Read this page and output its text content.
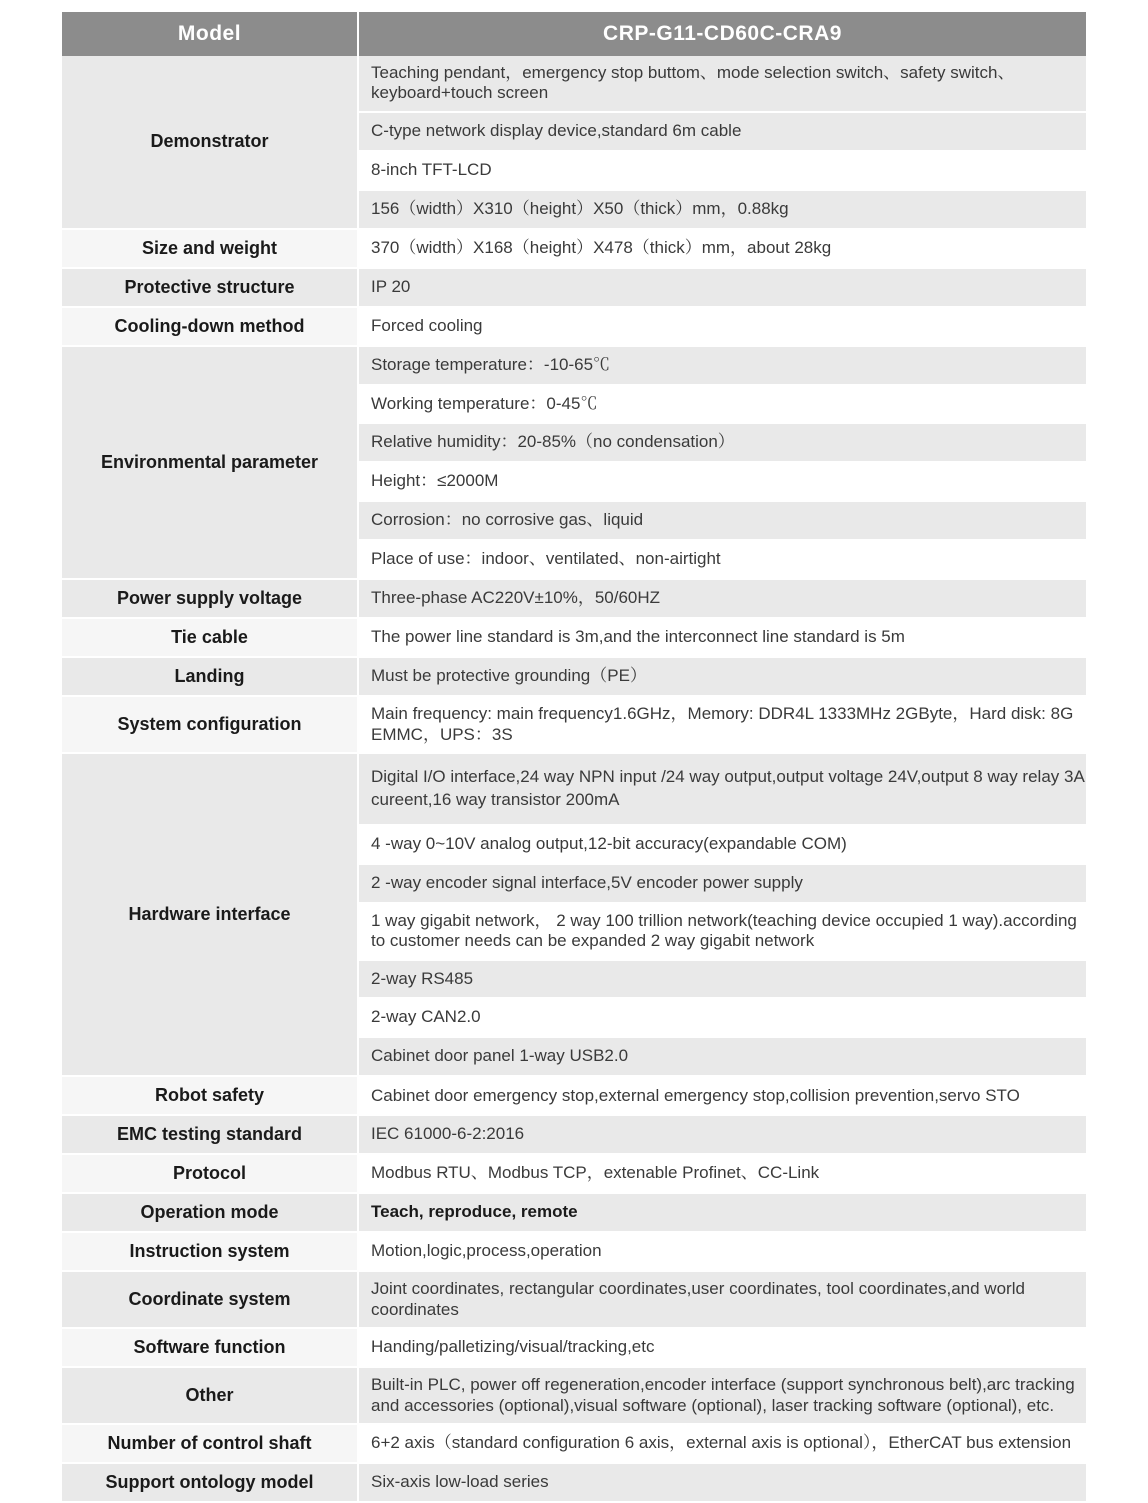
Model	CRP-G11-CD60C-CRA9
Demonstrator	Teaching pendant，emergency stop buttom、mode selection switch、safety switch、keyboard+touch screen
	C-type network display device,standard 6m cable
	8-inch TFT-LCD
	156（width）X310（height）X50（thick）mm，0.88kg
Size and weight	370（width）X168（height）X478（thick）mm，about 28kg
Protective structure	IP 20
Cooling-down method	Forced cooling
Environmental parameter	Storage temperature：-10-65℃
	Working temperature：0-45℃
	Relative humidity：20-85%（no condensation）
	Height：≤2000M
	Corrosion：no corrosive gas、liquid
	Place of use：indoor、ventilated、non-airtight
Power supply voltage	Three-phase AC220V±10%，50/60HZ
Tie cable	The power line standard is 3m,and the interconnect line standard is 5m
Landing	Must be protective grounding（PE）
System configuration	Main frequency: main frequency1.6GHz，Memory: DDR4L 1333MHz 2GByte，Hard disk: 8G EMMC，UPS：3S
Hardware interface	Digital I/O interface,24 way NPN input /24 way output,output voltage 24V,output 8 way relay 3A cureent,16 way transistor 200mA
	4 -way 0~10V analog output,12-bit accuracy(expandable COM)
	2 -way encoder signal interface,5V encoder power supply
	1 way gigabit network， 2 way 100 trillion network(teaching device occupied 1 way).according to customer needs can be expanded 2 way gigabit network
	2-way RS485
	2-way CAN2.0
	Cabinet door panel 1-way USB2.0
Robot safety	Cabinet door emergency stop,external emergency stop,collision prevention,servo STO
EMC testing standard	IEC 61000-6-2:2016
Protocol	Modbus RTU、Modbus TCP，extenable Profinet、CC-Link
Operation mode	Teach, reproduce, remote
Instruction system	Motion,logic,process,operation
Coordinate system	Joint coordinates, rectangular coordinates,user coordinates, tool coordinates,and world coordinates
Software function	Handing/palletizing/visual/tracking,etc
Other	Built-in PLC, power off regeneration,encoder interface (support synchronous belt),arc tracking and accessories (optional),visual software (optional), laser tracking software (optional), etc.
Number of control shaft	6+2 axis（standard configuration 6 axis，external axis is optional），EtherCAT bus extension
Support ontology model	Six-axis low-load series
